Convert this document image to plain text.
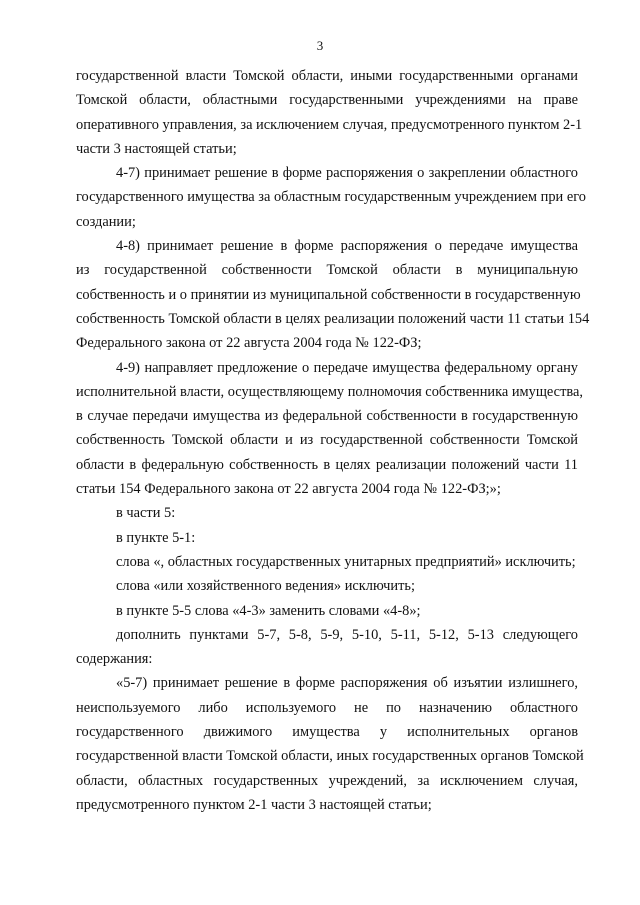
3
государственной власти Томской области, иными государственными органами
Томской области, областными государственными учреждениями на праве
оперативного управления, за исключением случая, предусмотренного пунктом 2-1
части 3 настоящей статьи;
4-7) принимает решение в форме распоряжения о закреплении областного
государственного имущества за областным государственным учреждением при его
создании;
4-8) принимает решение в форме распоряжения о передаче имущества
из государственной собственности Томской области в муниципальную
собственность и о принятии из муниципальной собственности в государственную
собственность Томской области в целях реализации положений части 11 статьи 154
Федерального закона от 22 августа 2004 года № 122-ФЗ;
4-9) направляет предложение о передаче имущества федеральному органу
исполнительной власти, осуществляющему полномочия собственника имущества,
в случае передачи имущества из федеральной собственности в государственную
собственность Томской области и из государственной собственности Томской
области в федеральную собственность в целях реализации положений части 11
статьи 154 Федерального закона от 22 августа 2004 года № 122-ФЗ;»;
в части 5:
в пункте 5-1:
слова «, областных государственных унитарных предприятий» исключить;
слова «или хозяйственного ведения» исключить;
в пункте 5-5 слова «4-3» заменить словами «4-8»;
дополнить пунктами 5-7, 5-8, 5-9, 5-10, 5-11, 5-12, 5-13 следующего
содержания:
«5-7) принимает решение в форме распоряжения об изъятии излишнего,
неиспользуемого либо используемого не по назначению областного
государственного движимого имущества у исполнительных органов
государственной власти Томской области, иных государственных органов Томской
области, областных государственных учреждений, за исключением случая,
предусмотренного пунктом 2-1 части 3 настоящей статьи;
